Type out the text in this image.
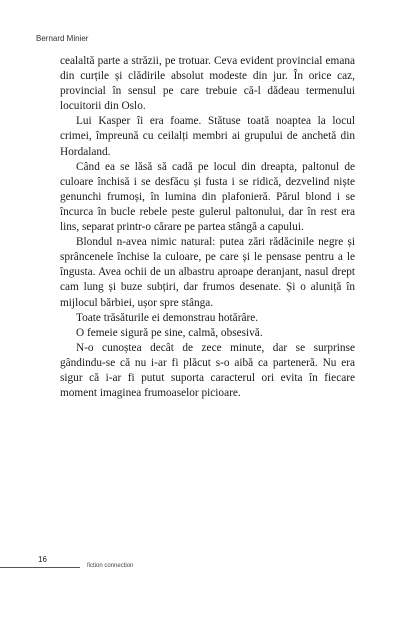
Bernard Minier

cealaltă parte a străzii, pe trotuar. Ceva evident provincial emana din curțile și clădirile absolut modeste din jur. În orice caz, provincial în sensul pe care trebuie că-l dădeau termenului locuitorii din Oslo.

Lui Kasper îi era foame. Stătuse toată noaptea la locul crimei, împreună cu ceilalți membri ai grupului de anchetă din Hordaland.

Când ea se lăsă să cadă pe locul din dreapta, paltonul de culoare închisă i se desfăcu și fusta i se ridică, dezvelind niște genunchi frumoși, în lumina din plafonieră. Părul blond i se încurca în bucle rebele peste gulerul paltonului, dar în rest era lins, separat printr-o cărare pe partea stângă a capului.

Blondul n-avea nimic natural: putea zări rădăcinile negre și sprâncenele închise la culoare, pe care și le pensase pentru a le îngusta. Avea ochii de un albastru aproape deranjant, nasul drept cam lung și buze subțiri, dar frumos desenate. Și o aluniță în mijlocul bărbiei, ușor spre stânga.

Toate trăsăturile ei demonstrau hotărâre.

O femeie sigură pe sine, calmă, obsesivă.

N-o cunoștea decât de zece minute, dar se surprinse gândindu-se că nu i-ar fi plăcut s-o aibă ca parteneră. Nu era sigur că i-ar fi putut suporta caracterul ori evita în fiecare moment imaginea frumoaselor picioare.

16
fiction connection
